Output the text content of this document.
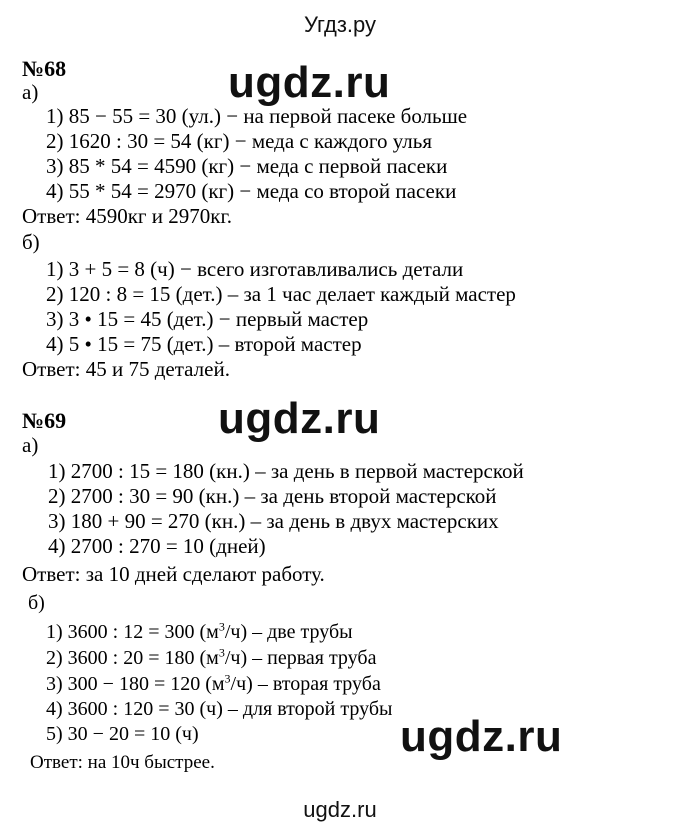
Угдз.ру
№68	ugdz.ru
а)
1) 85 − 55 = 30 (ул.) − на первой пасеке больше
2) 1620 : 30 = 54 (кг) − меда с каждого улья
3) 85 * 54 = 4590 (кг) − меда с первой пасеки
4) 55 * 54 = 2970 (кг) − меда со второй пасеки
Ответ: 4590кг и 2970кг.
б)
1) 3 + 5 = 8 (ч) − всего изготавливались детали
2) 120 : 8 = 15 (дет.) – за 1 час делает каждый мастер
3) 3 • 15 = 45 (дет.) − первый мастер
4) 5 • 15 = 75 (дет.) – второй мастер
Ответ: 45 и 75 деталей.
ugdz.ru
№69
а)
1) 2700 : 15 = 180 (кн.) – за день в первой мастерской
2) 2700 : 30 = 90 (кн.) – за день второй мастерской
3) 180 + 90 = 270 (кн.) – за день в двух мастерских
4) 2700 : 270 = 10 (дней)
Ответ: за 10 дней сделают работу.
б)
1) 3600 : 12 = 300 $(м^3/ч)$ – две трубы
2) 3600 : 20 = 180 $(м^3/ч)$ – первая труба
3) 300 − 180 = 120 $(м^3/ч)$ – вторая труба
4) 3600 : 120 = 30 (ч) – для второй трубы
5) 30 − 20 = 10 (ч)	ugdz.ru
Ответ: на 10ч быстрее.
ugdz.ru
